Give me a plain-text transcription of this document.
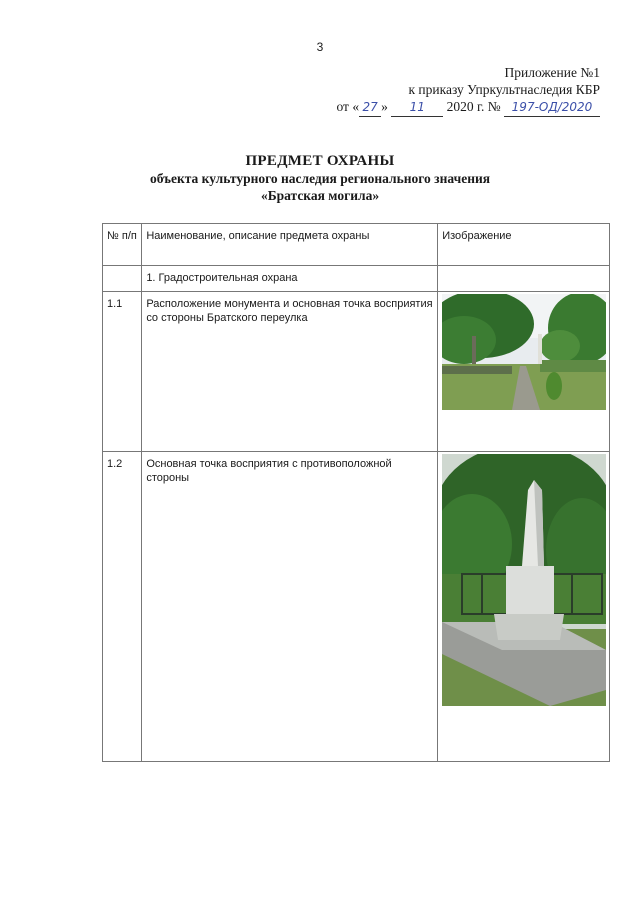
3
Приложение №1
к приказу Упркультнаследия КБР
от « 27 » 11 2020 г. № 197-ОД/2020
ПРЕДМЕТ ОХРАНЫ
объекта культурного наследия регионального значения
«Братская могила»
№ п/п	Наименование, описание предмета охраны	Изображение
	1. Градостроительная охрана	
1.1	Расположение монумента и основная точка восприятия со стороны Братского переулка	

1.2	Основная точка восприятия с противоположной стороны	
